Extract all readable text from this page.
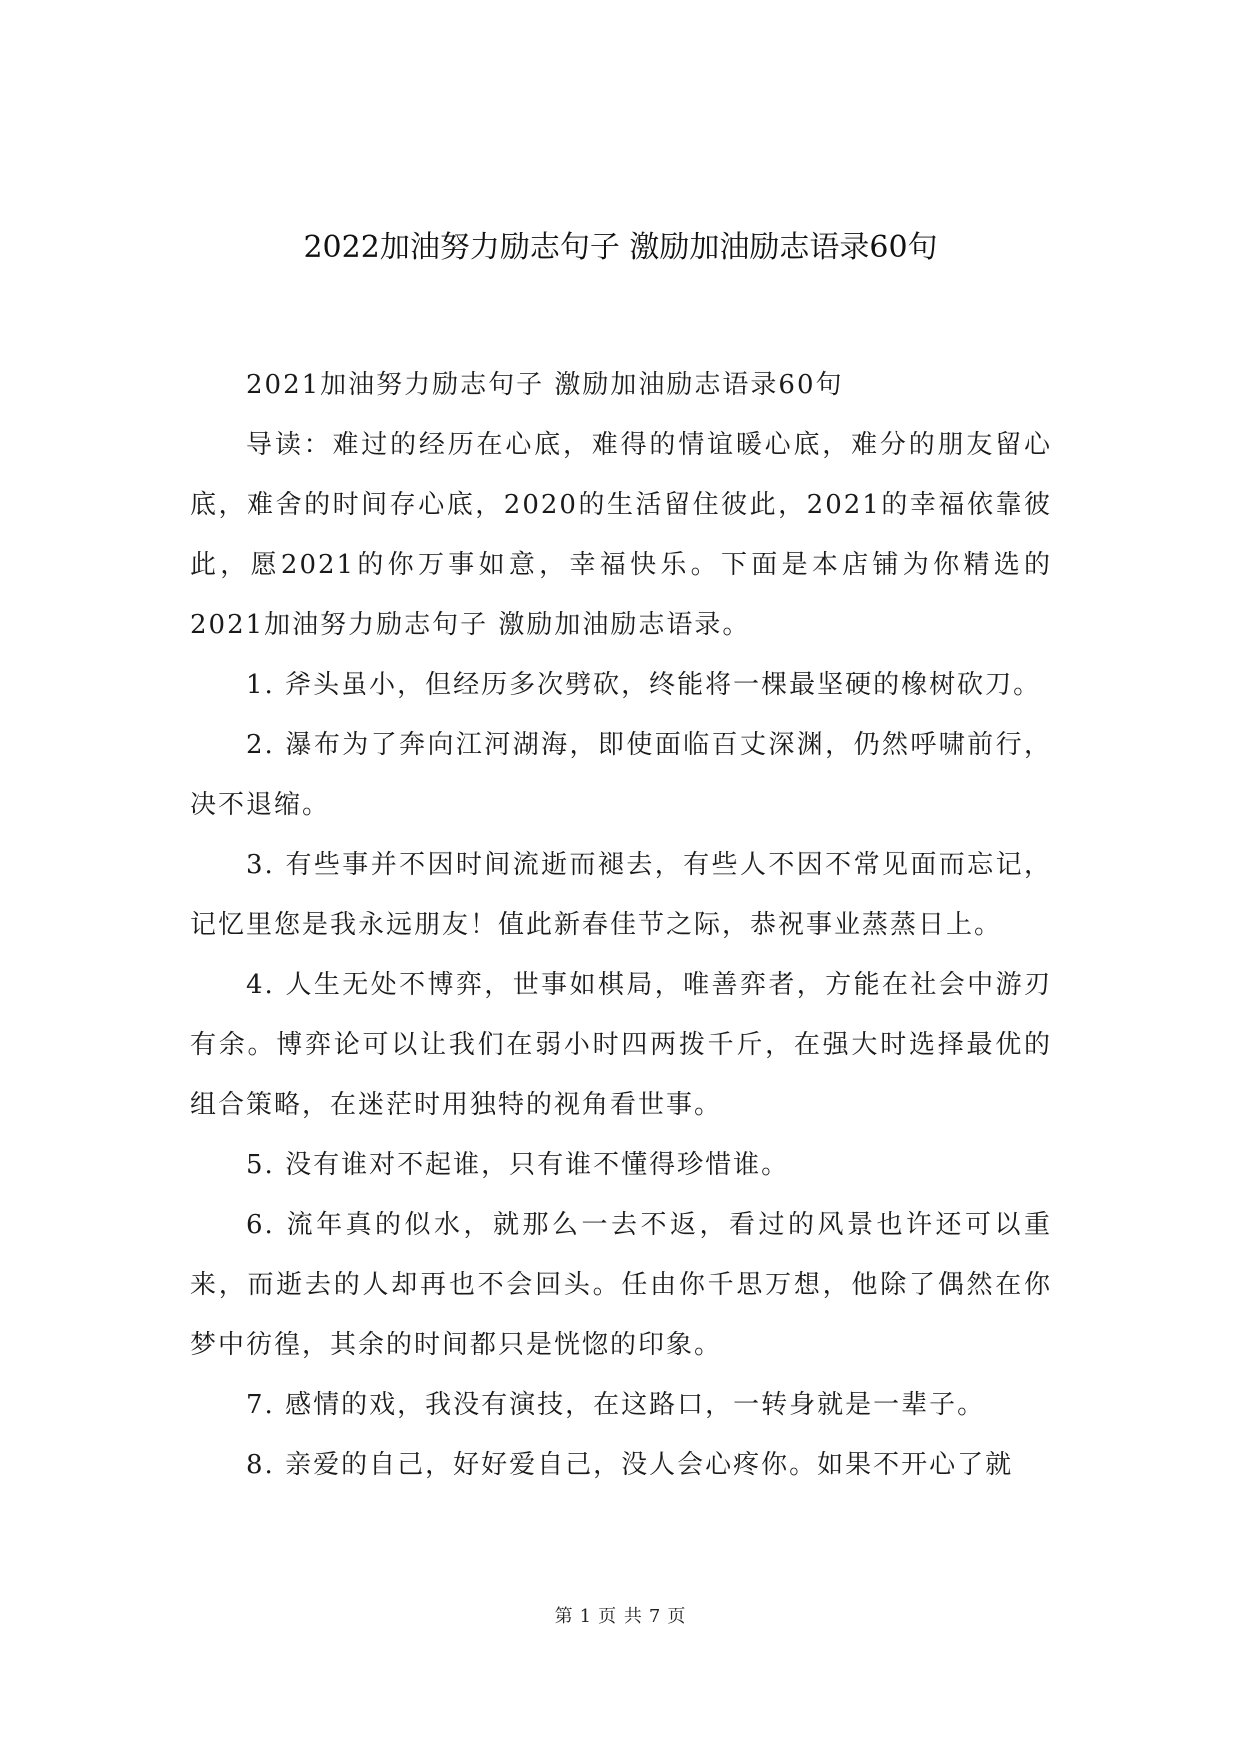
2022加油努力励志句子 激励加油励志语录60句

2021加油努力励志句子 激励加油励志语录60句

导读：难过的经历在心底，难得的情谊暖心底，难分的朋友留心底，难舍的时间存心底，2020的生活留住彼此，2021的幸福依靠彼此，愿2021的你万事如意，幸福快乐。下面是本店铺为你精选的2021加油努力励志句子 激励加油励志语录。

1. 斧头虽小，但经历多次劈砍，终能将一棵最坚硬的橡树砍刀。

2. 瀑布为了奔向江河湖海，即使面临百丈深渊，仍然呼啸前行，决不退缩。

3. 有些事并不因时间流逝而褪去，有些人不因不常见面而忘记，记忆里您是我永远朋友！值此新春佳节之际，恭祝事业蒸蒸日上。

4. 人生无处不博弈，世事如棋局，唯善弈者，方能在社会中游刃有余。博弈论可以让我们在弱小时四两拨千斤，在强大时选择最优的组合策略，在迷茫时用独特的视角看世事。

5. 没有谁对不起谁，只有谁不懂得珍惜谁。

6. 流年真的似水，就那么一去不返，看过的风景也许还可以重来，而逝去的人却再也不会回头。任由你千思万想，他除了偶然在你梦中彷徨，其余的时间都只是恍惚的印象。

7. 感情的戏，我没有演技，在这路口，一转身就是一辈子。

8. 亲爱的自己，好好爱自己，没人会心疼你。如果不开心了就

第 1 页 共 7 页
